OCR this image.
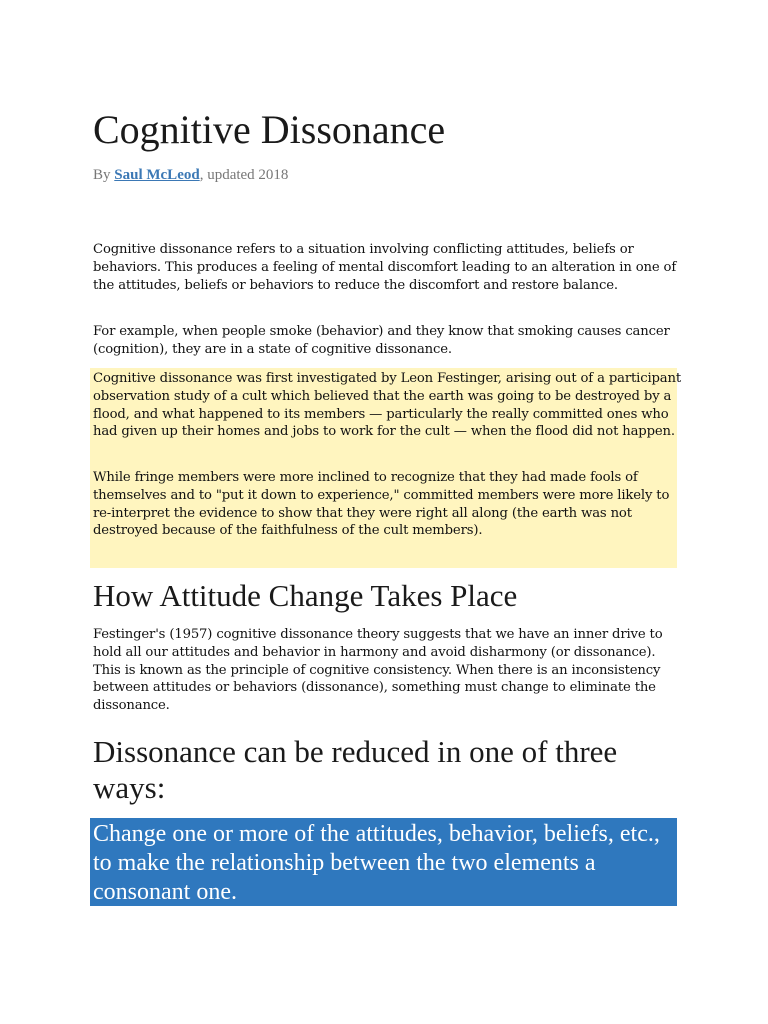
Cognitive Dissonance

By Saul McLeod, updated 2018

Cognitive dissonance refers to a situation involving conflicting attitudes, beliefs or behaviors. This produces a feeling of mental discomfort leading to an alteration in one of the attitudes, beliefs or behaviors to reduce the discomfort and restore balance.

For example, when people smoke (behavior) and they know that smoking causes cancer (cognition), they are in a state of cognitive dissonance.

Cognitive dissonance was first investigated by Leon Festinger, arising out of a participant observation study of a cult which believed that the earth was going to be destroyed by a flood, and what happened to its members — particularly the really committed ones who had given up their homes and jobs to work for the cult — when the flood did not happen.

While fringe members were more inclined to recognize that they had made fools of themselves and to "put it down to experience," committed members were more likely to re-interpret the evidence to show that they were right all along (the earth was not destroyed because of the faithfulness of the cult members).

How Attitude Change Takes Place

Festinger's (1957) cognitive dissonance theory suggests that we have an inner drive to hold all our attitudes and behavior in harmony and avoid disharmony (or dissonance). This is known as the principle of cognitive consistency. When there is an inconsistency between attitudes or behaviors (dissonance), something must change to eliminate the dissonance.

Dissonance can be reduced in one of three ways:

Change one or more of the attitudes, behavior, beliefs, etc., to make the relationship between the two elements a consonant one.
